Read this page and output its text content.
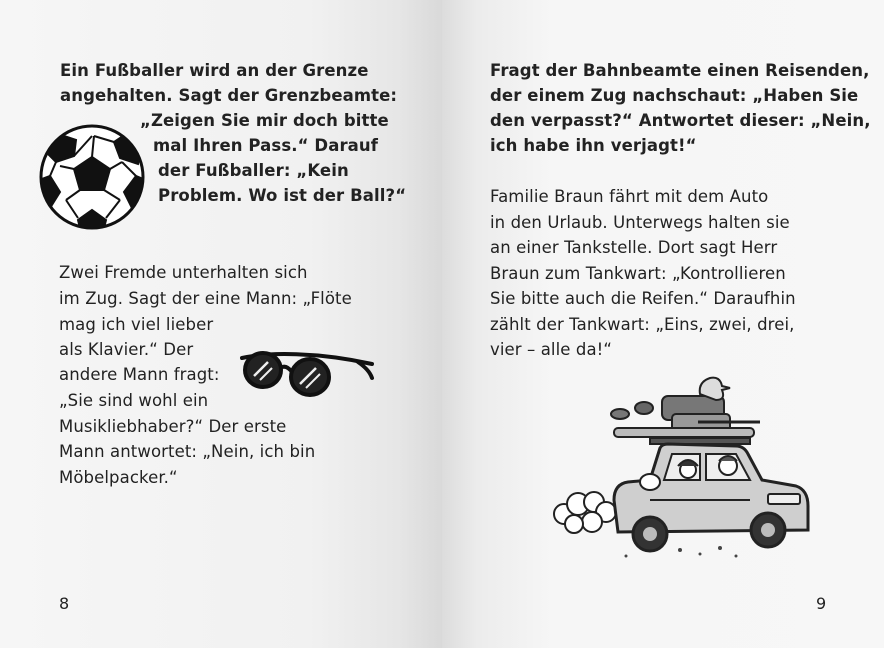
Ein Fußballer wird an der Grenze
angehalten. Sagt der Grenzbeamte:
„Zeigen Sie mir doch bitte
mal Ihren Pass.“ Darauf
der Fußballer: „Kein
Problem. Wo ist der Ball?“
Zwei Fremde unterhalten sich
im Zug. Sagt der eine Mann: „Flöte
mag ich viel lieber
als Klavier.“ Der
andere Mann fragt:
„Sie sind wohl ein
Musikliebhaber?“ Der erste
Mann antwortet: „Nein, ich bin
Möbelpacker.“
8
Fragt der Bahnbeamte einen Reisenden,
der einem Zug nachschaut: „Haben Sie
den verpasst?“ Antwortet dieser: „Nein,
ich habe ihn verjagt!“
Familie Braun fährt mit dem Auto
in den Urlaub. Unterwegs halten sie
an einer Tankstelle. Dort sagt Herr
Braun zum Tankwart: „Kontrollieren
Sie bitte auch die Reifen.“ Daraufhin
zählt der Tankwart: „Eins, zwei, drei,
vier – alle da!“
9
